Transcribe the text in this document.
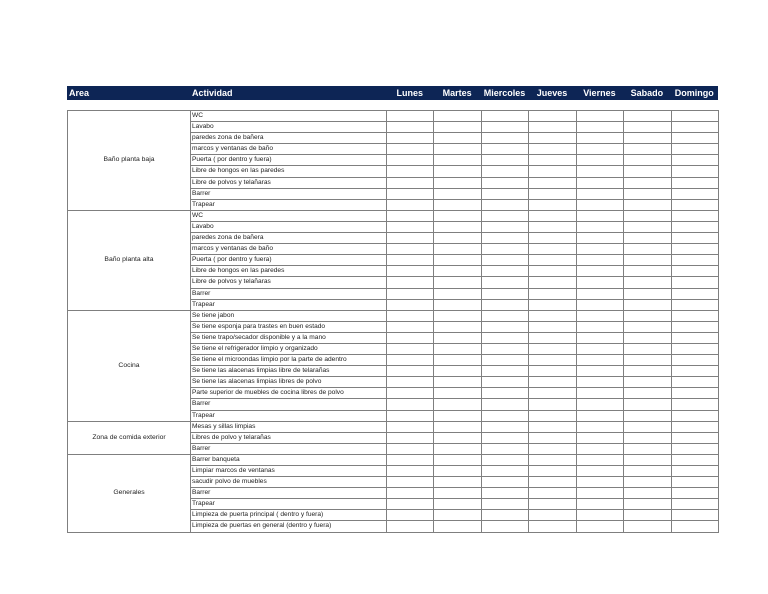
Area	Actividad	Lunes	Martes	Miercoles	Jueves	Viernes	Sabado	Domingo
Baño planta baja	WC							
	Lavabo							
	paredes zona de bañera							
	marcos y ventanas de baño							
	Puerta ( por dentro y fuera)							
	Libre de hongos en las paredes							
	Libre de polvos y telañaras							
	Barrer							
	Trapear							
Baño planta alta	WC							
	Lavabo							
	paredes zona de bañera							
	marcos y ventanas de baño							
	Puerta ( por dentro y fuera)							
	Libre de hongos en las paredes							
	Libre de polvos y telañaras							
	Barrer							
	Trapear							
Cocina	Se tiene jabon							
	Se tiene esponja para trastes en buen estado							
	Se tiene trapo/secador disponible y a la mano							
	Se tiene el refrigerador limpio y organizado							
	Se tiene el microondas limpio por la parte de adentro							
	Se tiene las alacenas limpias libre de telarañas							
	Se tiene las alacenas limpias libres de polvo							
	Parte superior de muebles de cocina libres de polvo							
	Barrer							
	Trapear							
Zona de comida exterior	Mesas y sillas limpias							
	Libres de polvo y telarañas							
	Barrer							
Generales	Barrer banqueta							
	Limpiar marcos de ventanas							
	sacudir polvo de muebles							
	Barrer							
	Trapear							
	Limpieza de puerta principal ( dentro y fuera)							
	Limpieza de puertas en general (dentro y fuera)							
